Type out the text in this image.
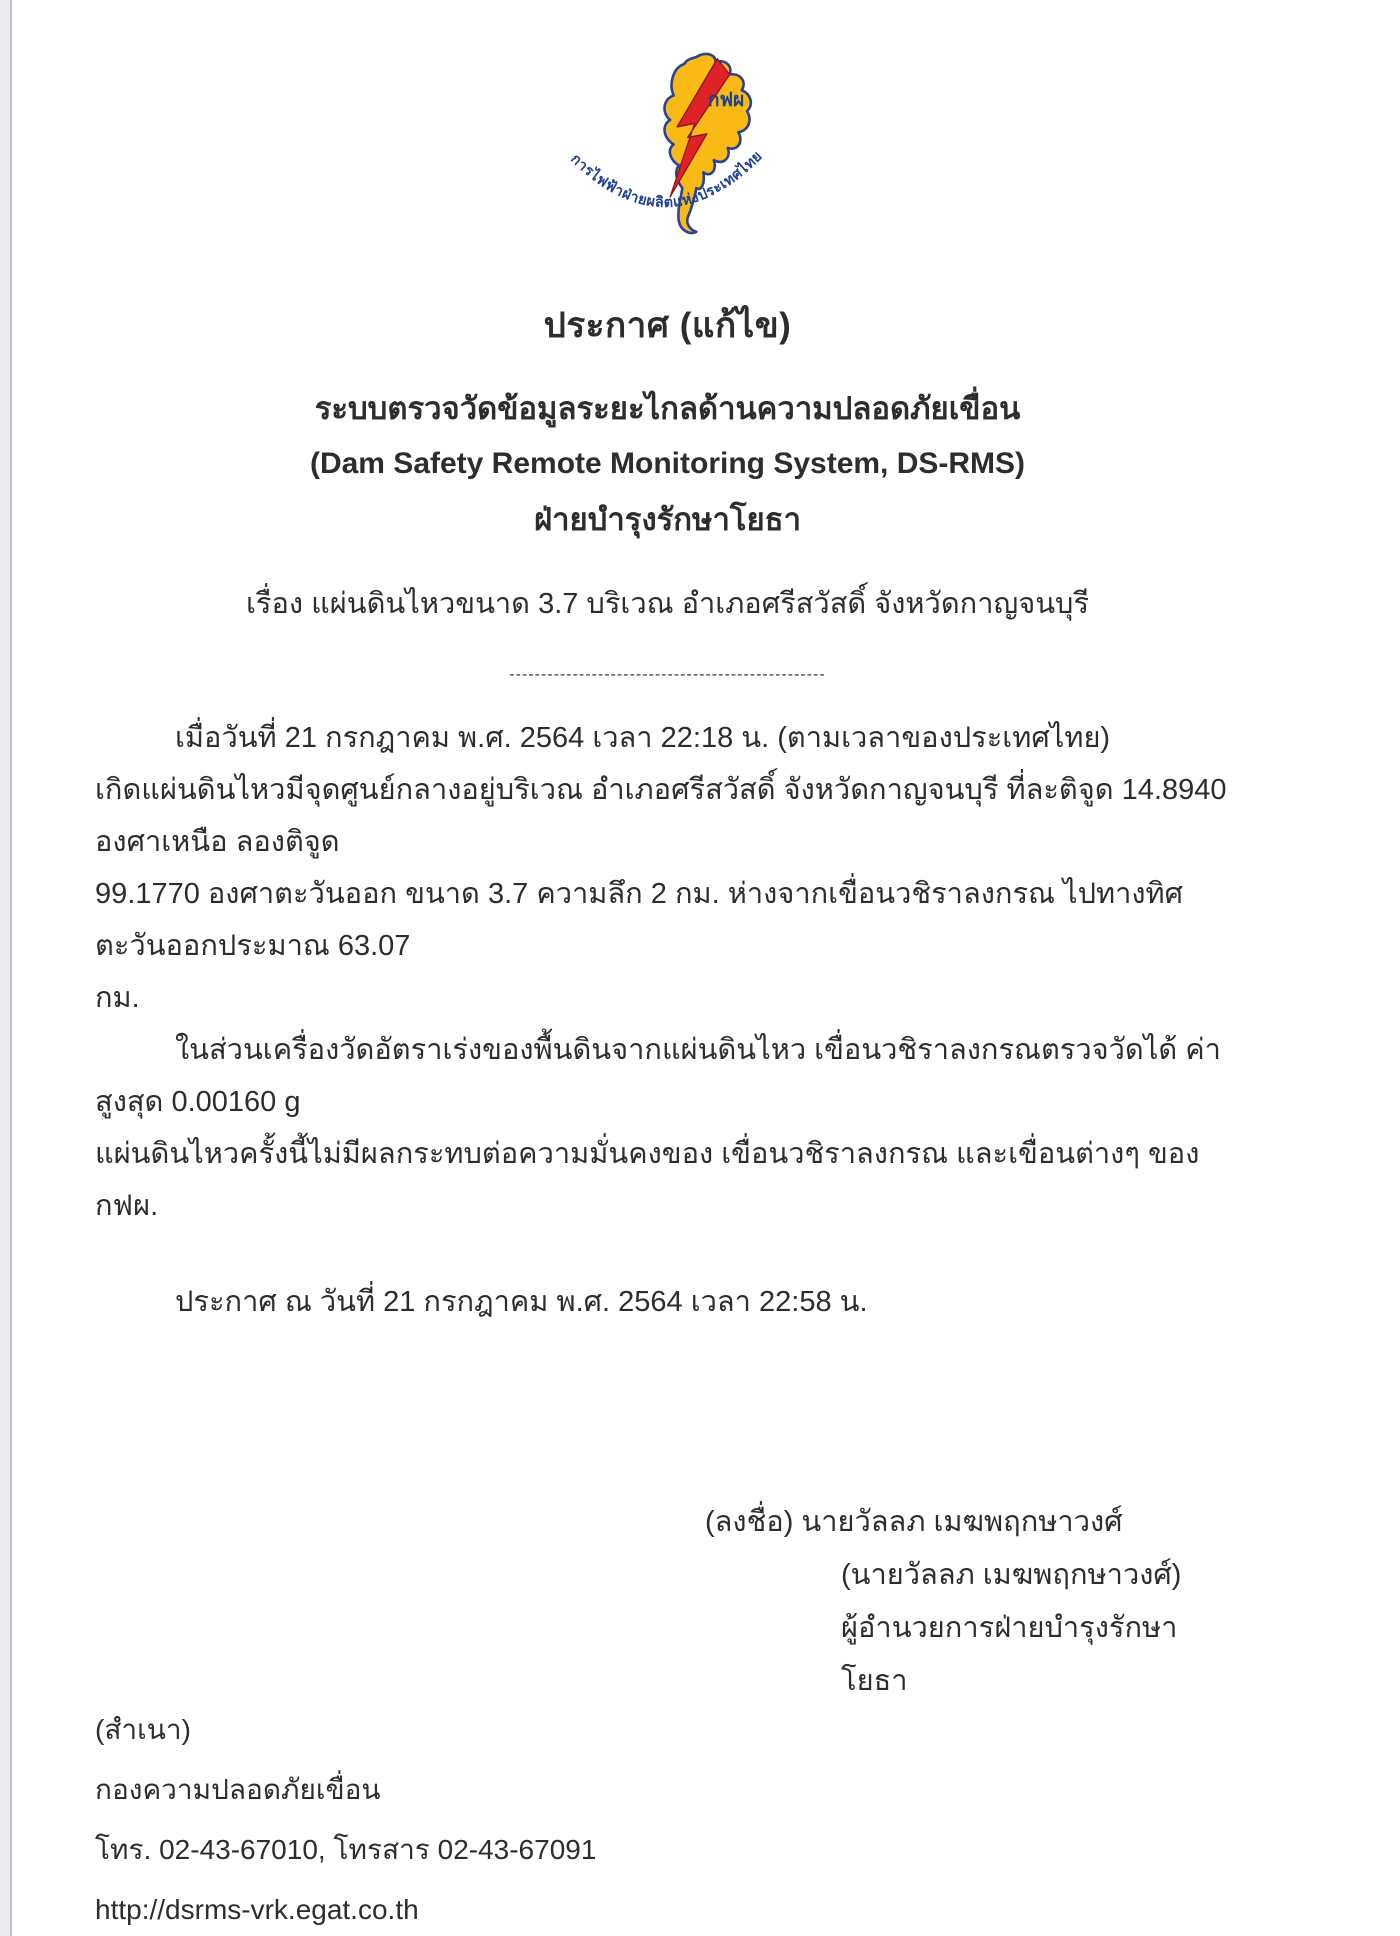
กฟผ
การไฟฟ้าฝ่ายผลิตแห่งประเทศไทย
ประกาศ (แก้ไข)
ระบบตรวจวัดข้อมูลระยะไกลด้านความปลอดภัยเขื่อน
(Dam Safety Remote Monitoring System, DS-RMS)
ฝ่ายบำรุงรักษาโยธา
เรื่อง แผ่นดินไหวขนาด 3.7 บริเวณ อำเภอศรีสวัสดิ์ จังหวัดกาญจนบุรี
--------------------------------------------------
เมื่อวันที่ 21 กรกฎาคม พ.ศ. 2564 เวลา 22:18 น. (ตามเวลาของประเทศไทย)
เกิดแผ่นดินไหวมีจุดศูนย์กลางอยู่บริเวณ อำเภอศรีสวัสดิ์ จังหวัดกาญจนบุรี ที่ละติจูด 14.8940 องศาเหนือ ลองติจูด
99.1770 องศาตะวันออก ขนาด 3.7 ความลึก 2 กม. ห่างจากเขื่อนวชิราลงกรณ ไปทางทิศตะวันออกประมาณ 63.07
กม.
ในส่วนเครื่องวัดอัตราเร่งของพื้นดินจากแผ่นดินไหว เขื่อนวชิราลงกรณตรวจวัดได้ ค่าสูงสุด 0.00160 g
แผ่นดินไหวครั้งนี้ไม่มีผลกระทบต่อความมั่นคงของ เขื่อนวชิราลงกรณ และเขื่อนต่างๆ ของ กฟผ.
ประกาศ ณ วันที่ 21 กรกฎาคม พ.ศ. 2564 เวลา 22:58 น.
(ลงชื่อ) นายวัลลภ เมฆพฤกษาวงศ์
(นายวัลลภ เมฆพฤกษาวงศ์)
ผู้อำนวยการฝ่ายบำรุงรักษาโยธา
(สำเนา)
กองความปลอดภัยเขื่อน
โทร. 02-43-67010, โทรสาร 02-43-67091
http://dsrms-vrk.egat.co.th
